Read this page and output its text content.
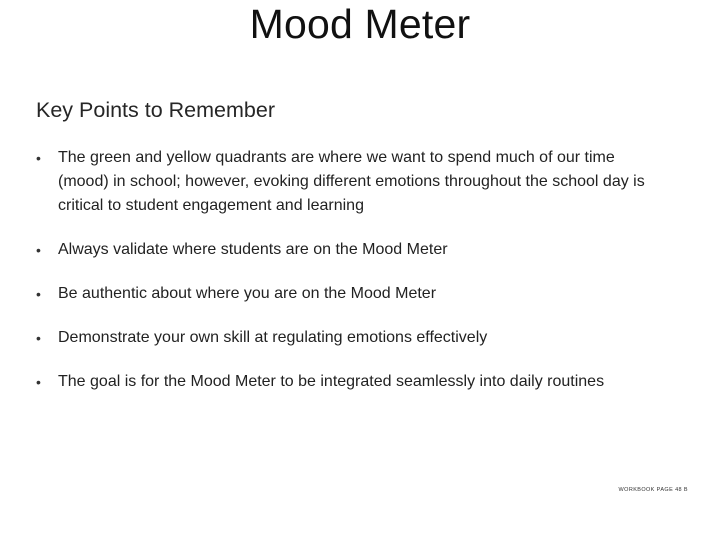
Mood Meter
Key Points to Remember
• The green and yellow quadrants are where we want to spend much of our time (mood) in school; however, evoking different emotions throughout the school day is critical to student engagement and learning
• Always validate where students are on the Mood Meter
• Be authentic about where you are on the Mood Meter
• Demonstrate your own skill at regulating emotions effectively
• The goal is for the Mood Meter to be integrated seamlessly into daily routines
WORKBOOK PAGE 48 B
